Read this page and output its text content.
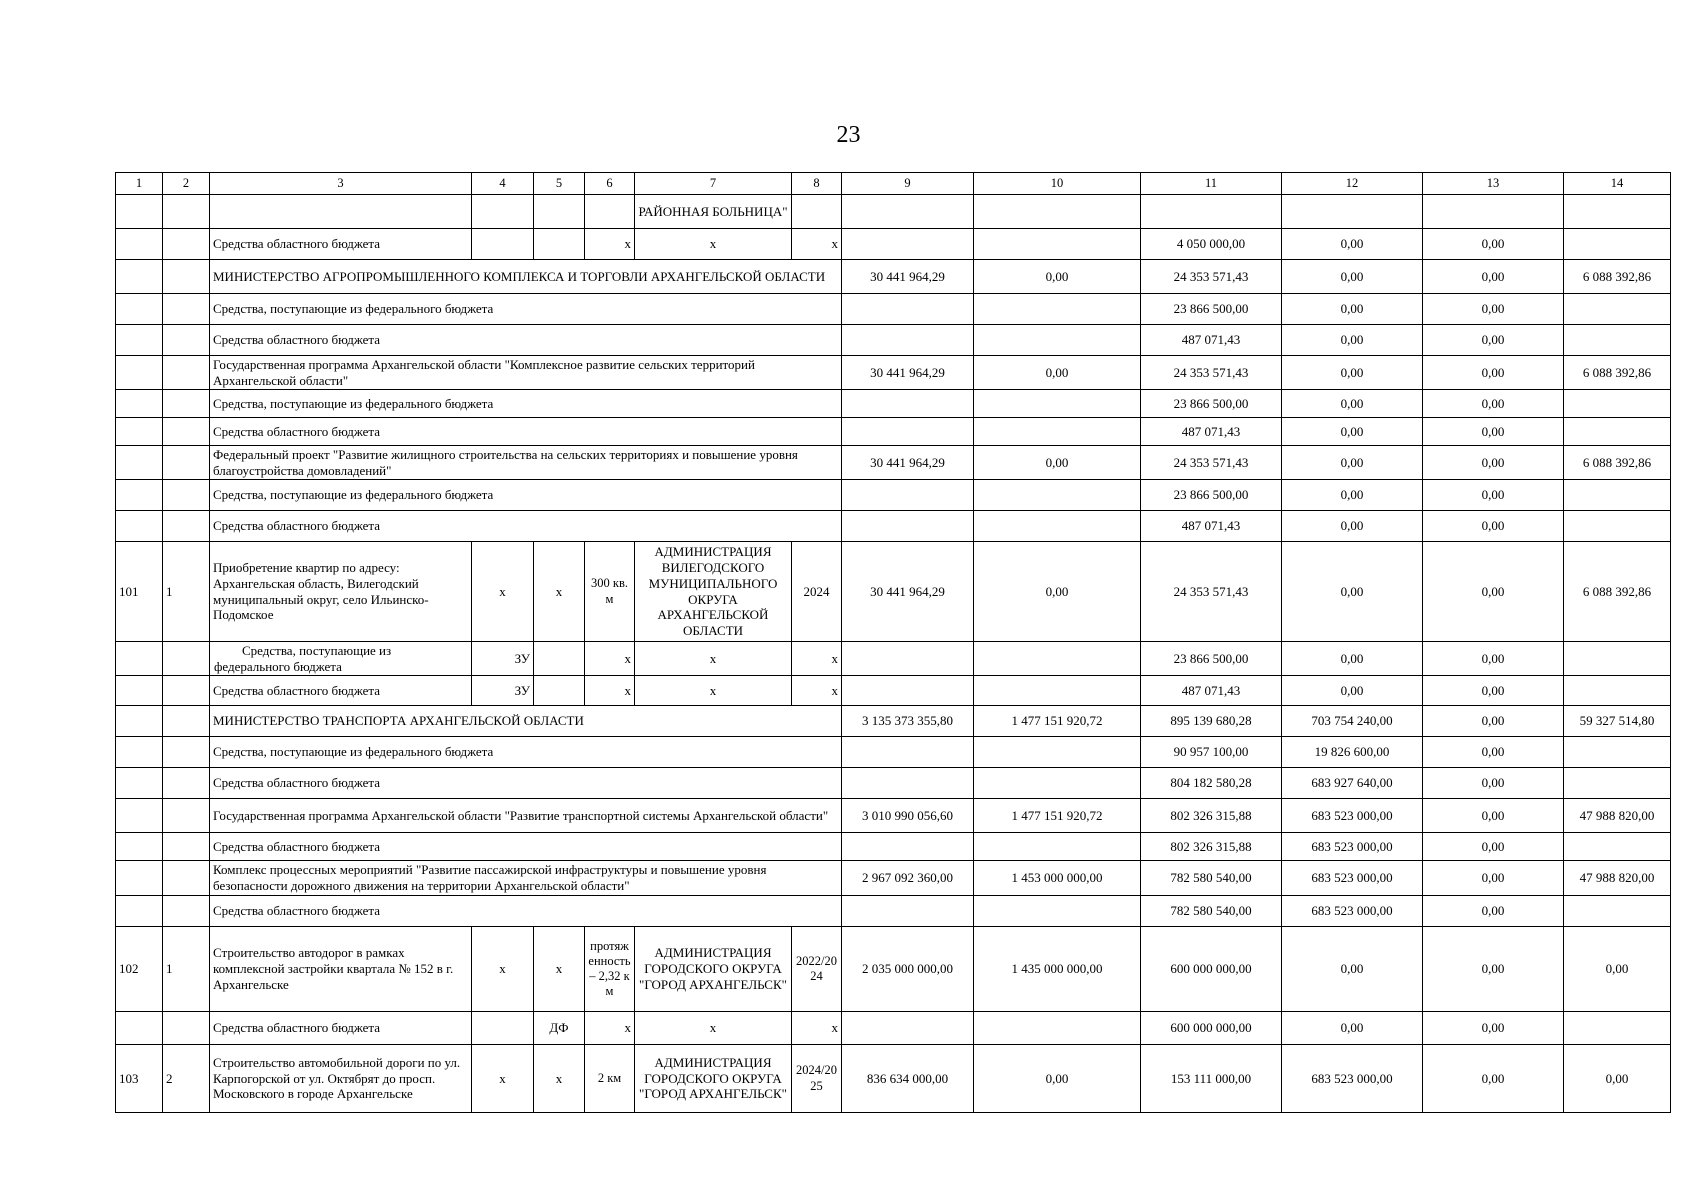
23
1	2	3	4	5	6	7	8	9	10	11	12	13	14
						РАЙОННАЯ БОЛЬНИЦА"							
		Средства областного бюджета			х	х	х			4 050 000,00	0,00	0,00	
		МИНИСТЕРСТВО АГРОПРОМЫШЛЕННОГО КОМПЛЕКСА И ТОРГОВЛИ АРХАНГЕЛЬСКОЙ ОБЛАСТИ						30 441 964,29	0,00	24 353 571,43	0,00	0,00	6 088 392,86
		Средства, поступающие из федерального бюджета								23 866 500,00	0,00	0,00	
		Средства областного бюджета								487 071,43	0,00	0,00	
		Государственная программа Архангельской области "Комплексное развитие сельских территорий Архангельской области"						30 441 964,29	0,00	24 353 571,43	0,00	0,00	6 088 392,86
		Средства, поступающие из федерального бюджета								23 866 500,00	0,00	0,00	
		Средства областного бюджета								487 071,43	0,00	0,00	
		Федеральный проект "Развитие жилищного строительства на сельских территориях и повышение уровня благоустройства домовладений"						30 441 964,29	0,00	24 353 571,43	0,00	0,00	6 088 392,86
		Средства, поступающие из федерального бюджета								23 866 500,00	0,00	0,00	
		Средства областного бюджета								487 071,43	0,00	0,00	
101	1	Приобретение квартир по адресу: Архангельская область, Вилегодский муниципальный округ, село Ильинско-Подомское	х	х	300 кв. м	АДМИНИСТРАЦИЯ ВИЛЕГОДСКОГО МУНИЦИПАЛЬНОГО ОКРУГА АРХАНГЕЛЬСКОЙ ОБЛАСТИ	2024	30 441 964,29	0,00	24 353 571,43	0,00	0,00	6 088 392,86
		Средства, поступающие из федерального бюджета	ЗУ		х	х	х			23 866 500,00	0,00	0,00	
		Средства областного бюджета	ЗУ		х	х	х			487 071,43	0,00	0,00	
		МИНИСТЕРСТВО ТРАНСПОРТА АРХАНГЕЛЬСКОЙ ОБЛАСТИ						3 135 373 355,80	1 477 151 920,72	895 139 680,28	703 754 240,00	0,00	59 327 514,80
		Средства, поступающие из федерального бюджета								90 957 100,00	19 826 600,00	0,00	
		Средства областного бюджета								804 182 580,28	683 927 640,00	0,00	
		Государственная программа Архангельской области "Развитие транспортной системы Архангельской области"						3 010 990 056,60	1 477 151 920,72	802 326 315,88	683 523 000,00	0,00	47 988 820,00
		Средства областного бюджета								802 326 315,88	683 523 000,00	0,00	
		Комплекс процессных мероприятий "Развитие пассажирской инфраструктуры и повышение уровня безопасности дорожного движения на территории Архангельской области"						2 967 092 360,00	1 453 000 000,00	782 580 540,00	683 523 000,00	0,00	47 988 820,00
		Средства областного бюджета								782 580 540,00	683 523 000,00	0,00	
102	1	Строительство автодорог в рамках комплексной застройки квартала № 152 в г. Архангельске	х	х	протяженность – 2,32 км	АДМИНИСТРАЦИЯ ГОРОДСКОГО ОКРУГА "ГОРОД АРХАНГЕЛЬСК"	2022/2024	2 035 000 000,00	1 435 000 000,00	600 000 000,00	0,00	0,00	0,00
		Средства областного бюджета		ДФ	х	х	х			600 000 000,00	0,00	0,00	
103	2	Строительство автомобильной дороги по ул. Карпогорской от ул. Октябрят до просп. Московского в городе Архангельске	х	х	2 км	АДМИНИСТРАЦИЯ ГОРОДСКОГО ОКРУГА "ГОРОД АРХАНГЕЛЬСК"	2024/2025	836 634 000,00	0,00	153 111 000,00	683 523 000,00	0,00	0,00
